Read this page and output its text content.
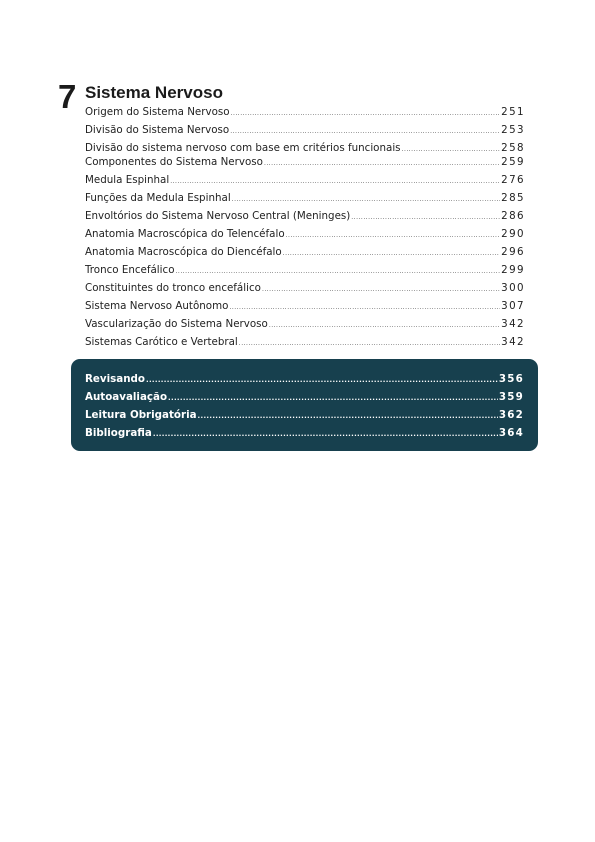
7 Sistema Nervoso
Origem do Sistema Nervoso .....	251
Divisão do Sistema Nervoso .....	253
Divisão do sistema nervoso com base em critérios funcionais .....	258
Componentes do Sistema Nervoso .....	259
Medula Espinhal .....	276
Funções da Medula Espinhal .....	285
Envoltórios do Sistema Nervoso Central (Meninges) .....	286
Anatomia Macroscópica do Telencéfalo .....	290
Anatomia Macroscópica do Diencéfalo .....	296
Tronco Encefálico .....	299
Constituintes do tronco encefálico .....	300
Sistema Nervoso Autônomo .....	307
Vascularização do Sistema Nervoso .....	342
Sistemas Carótico e Vertebral .....	342
Revisando .....	356
Autoavaliação .....	359
Leitura Obrigatória .....	362
Bibliografia .....	364
